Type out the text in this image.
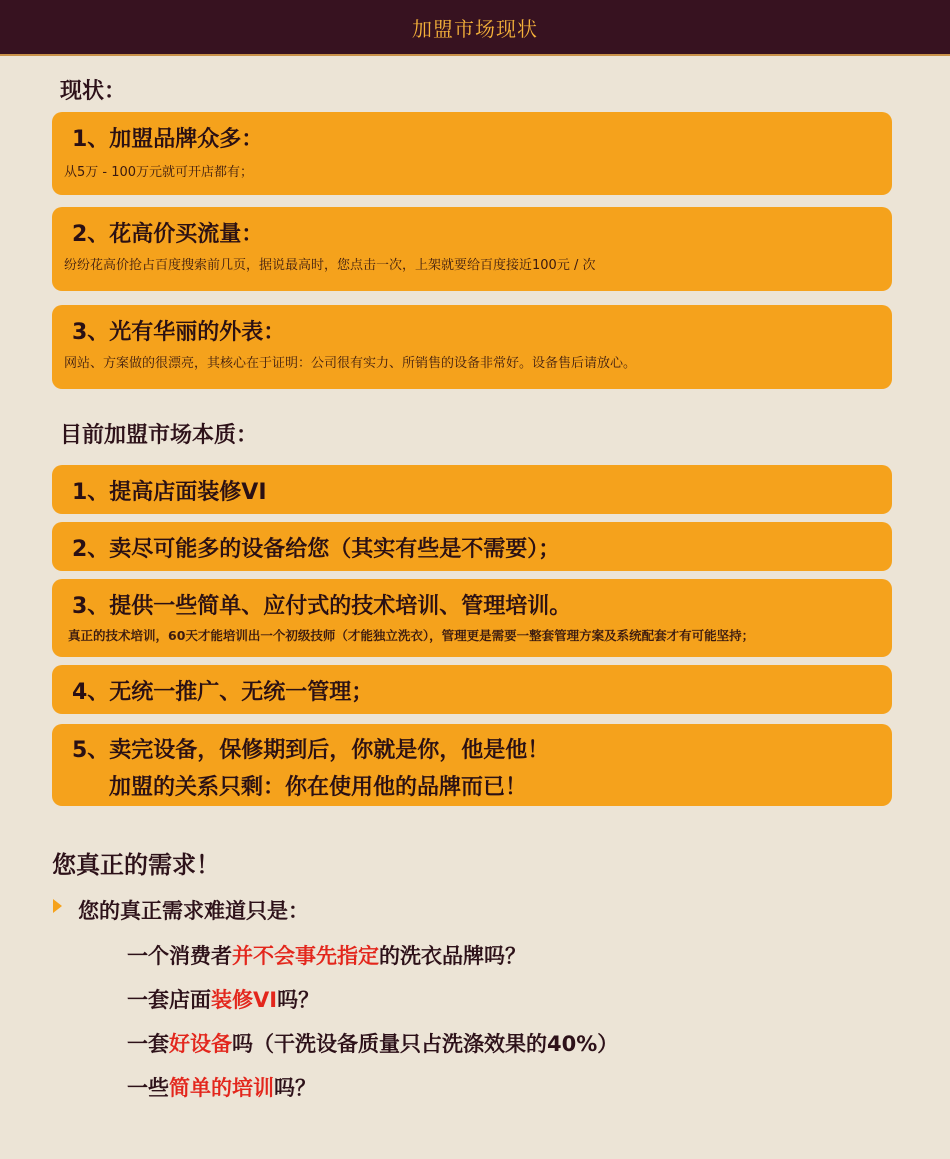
加盟市场现状
现状：
1、加盟品牌众多：
从5万 - 100万元就可开店都有；
2、花高价买流量：
纷纷花高价抢占百度搜索前几页，据说最高时，您点击一次，上架就要给百度接近100元 / 次
3、光有华丽的外表：
网站、方案做的很漂亮，其核心在于证明：公司很有实力、所销售的设备非常好。设备售后请放心。
目前加盟市场本质：
1、提高店面装修VI
2、卖尽可能多的设备给您（其实有些是不需要）；
3、提供一些简单、应付式的技术培训、管理培训。
真正的技术培训，60天才能培训出一个初级技师（才能独立洗衣），管理更是需要一整套管理方案及系统配套才有可能坚持；
4、无统一推广、无统一管理；
5、卖完设备，保修期到后，你就是你，他是他！
加盟的关系只剩：你在使用他的品牌而已！
您真正的需求！
您的真正需求难道只是：
一个消费者并不会事先指定的洗衣品牌吗？
一套店面装修VI吗？
一套好设备吗（干洗设备质量只占洗涤效果的40%）
一些简单的培训吗？
